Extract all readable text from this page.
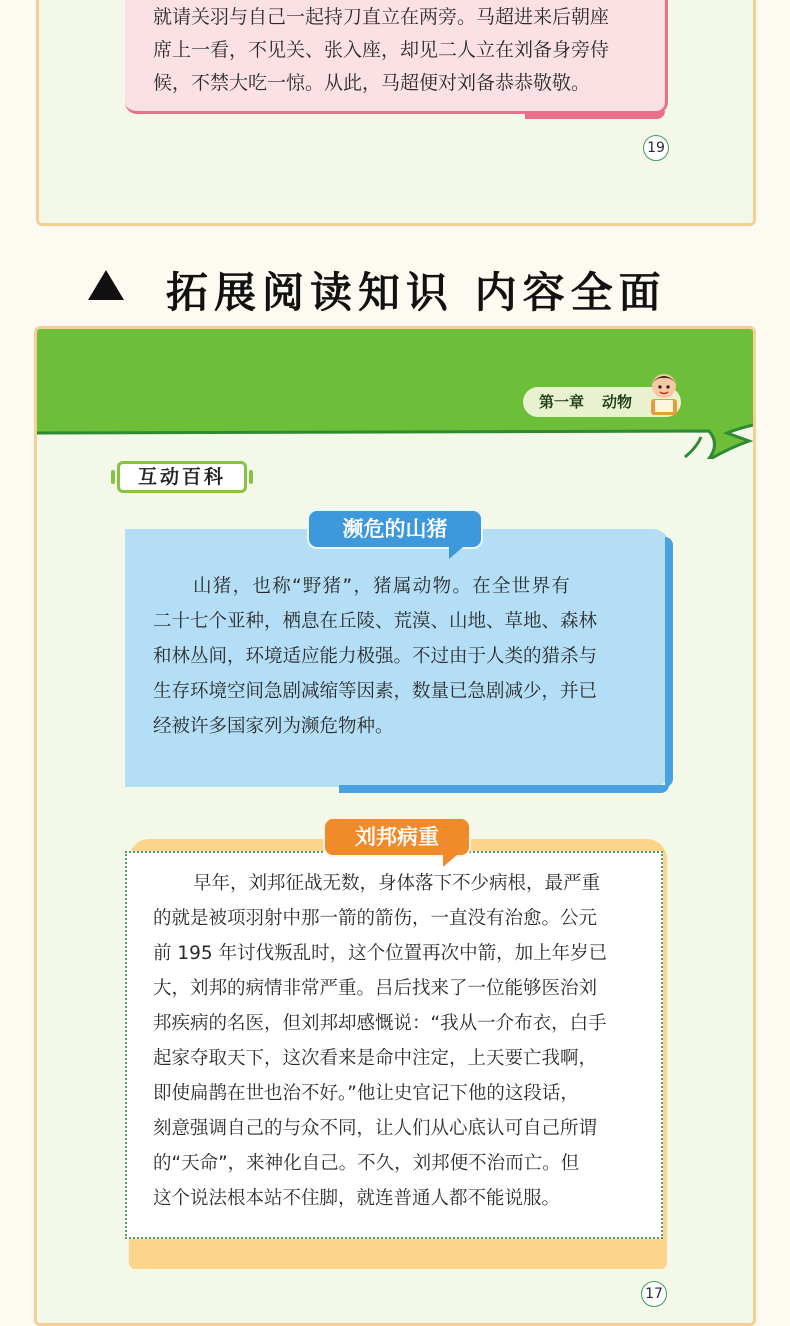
就请关羽与自己一起持刀直立在两旁。马超进来后朝座
席上一看，不见关、张入座，却见二人立在刘备身旁侍
候，不禁大吃一惊。从此，马超便对刘备恭恭敬敬。
19
拓展阅读知识 内容全面
第一章 动物
互动百科
濒危的山猪
山猪，也称“野猪”，猪属动物。在全世界有
二十七个亚种，栖息在丘陵、荒漠、山地、草地、森林
和林丛间，环境适应能力极强。不过由于人类的猎杀与
生存环境空间急剧减缩等因素，数量已急剧减少，并已
经被许多国家列为濒危物种。
刘邦病重
早年，刘邦征战无数，身体落下不少病根，最严重
的就是被项羽射中那一箭的箭伤，一直没有治愈。公元
前 195 年讨伐叛乱时，这个位置再次中箭，加上年岁已
大，刘邦的病情非常严重。吕后找来了一位能够医治刘
邦疾病的名医，但刘邦却感慨说：“我从一介布衣，白手
起家夺取天下，这次看来是命中注定，上天要亡我啊，
即使扁鹊在世也治不好。”他让史官记下他的这段话，
刻意强调自己的与众不同，让人们从心底认可自己所谓
的“天命”，来神化自己。不久，刘邦便不治而亡。但
这个说法根本站不住脚，就连普通人都不能说服。
17
